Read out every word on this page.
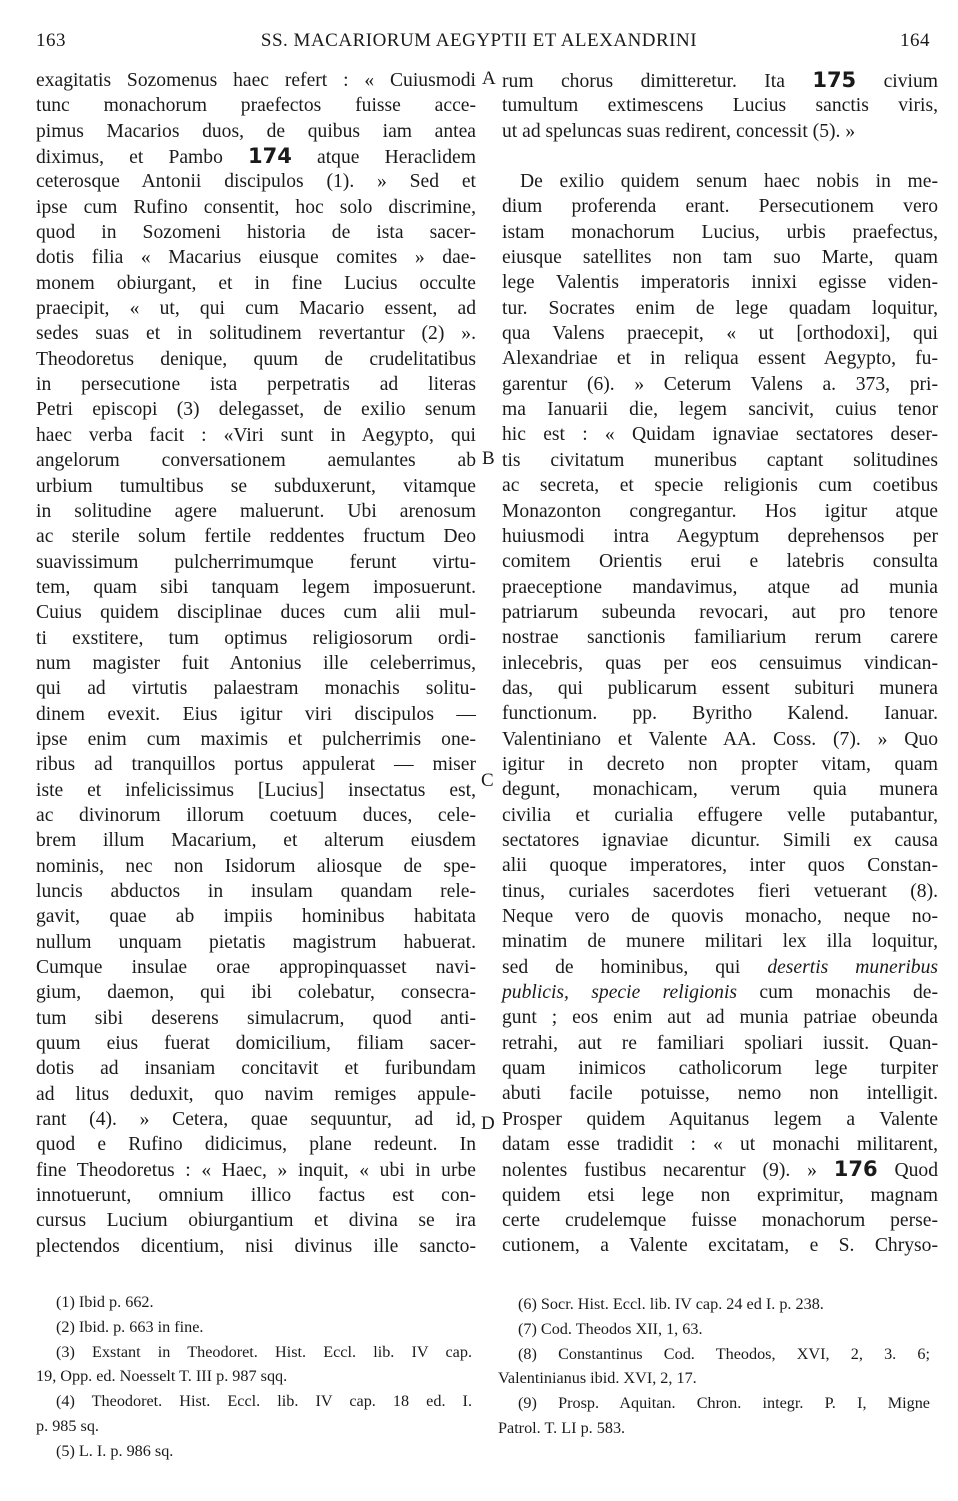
163	SS. MACARIORUM AEGYPTII ET ALEXANDRINI	164
A
B
C
D
exagitatis Sozomenus haec refert : « Cuiusmodi
tunc monachorum praefectos fuisse acce-
pimus Macarios duos, de quibus iam antea
diximus, et Pambo 174 atque Heraclidem
ceterosque Antonii discipulos (1). » Sed et
ipse cum Rufino consentit, hoc solo discrimine,
quod in Sozomeni historia de ista sacer-
dotis filia « Macarius eiusque comites » dae-
monem obiurgant, et in fine Lucius occulte
praecipit, « ut, qui cum Macario essent, ad
sedes suas et in solitudinem revertantur (2) ».
Theodoretus denique, quum de crudelitatibus
in persecutione ista perpetratis ad literas
Petri episcopi (3) delegasset, de exilio senum
haec verba facit : «Viri sunt in Aegypto, qui
angelorum conversationem aemulantes ab
urbium tumultibus se subduxerunt, vitamque
in solitudine agere maluerunt. Ubi arenosum
ac sterile solum fertile reddentes fructum Deo
suavissimum pulcherrimumque ferunt virtu-
tem, quam sibi tanquam legem imposuerunt.
Cuius quidem disciplinae duces cum alii mul-
ti exstitere, tum optimus religiosorum ordi-
num magister fuit Antonius ille celeberrimus,
qui ad virtutis palaestram monachis solitu-
dinem evexit. Eius igitur viri discipulos —
ipse enim cum maximis et pulcherrimis one-
ribus ad tranquillos portus appulerat — miser
iste et infelicissimus [Lucius] insectatus est,
ac divinorum illorum coetuum duces, cele-
brem illum Macarium, et alterum eiusdem
nominis, nec non Isidorum aliosque de spe-
luncis abductos in insulam quandam rele-
gavit, quae ab impiis hominibus habitata
nullum unquam pietatis magistrum habuerat.
Cumque insulae orae appropinquasset navi-
gium, daemon, qui ibi colebatur, consecra-
tum sibi deserens simulacrum, quod anti-
quum eius fuerat domicilium, filiam sacer-
dotis ad insaniam concitavit et furibundam
ad litus deduxit, quo navim remiges appule-
rant (4). » Cetera, quae sequuntur, ad id,
quod e Rufino didicimus, plane redeunt. In
fine Theodoretus : « Haec, » inquit, « ubi in urbe
innotuerunt, omnium illico factus est con-
cursus Lucium obiurgantium et divina se ira
plectendos dicentium, nisi divinus ille sancto-
rum chorus dimitteretur. Ita 175 civium
tumultum extimescens Lucius sanctis viris,
ut ad speluncas suas redirent, concessit (5). »
De exilio quidem senum haec nobis in me-
dium proferenda erant. Persecutionem vero
istam monachorum Lucius, urbis praefectus,
eiusque satellites non tam suo Marte, quam
lege Valentis imperatoris innixi egisse viden-
tur. Socrates enim de lege quadam loquitur,
qua Valens praecepit, « ut [orthodoxi], qui
Alexandriae et in reliqua essent Aegypto, fu-
garentur (6). » Ceterum Valens a. 373, pri-
ma Ianuarii die, legem sancivit, cuius tenor
hic est : « Quidam ignaviae sectatores deser-
tis civitatum muneribus captant solitudines
ac secreta, et specie religionis cum coetibus
Monazonton congregantur. Hos igitur atque
huiusmodi intra Aegyptum deprehensos per
comitem Orientis erui e latebris consulta
praeceptione mandavimus, atque ad munia
patriarum subeunda revocari, aut pro tenore
nostrae sanctionis familiarium rerum carere
inlecebris, quas per eos censuimus vindican-
das, qui publicarum essent subituri munera
functionum. pp. Byritho Kalend. Ianuar.
Valentiniano et Valente AA. Coss. (7). » Quo
igitur in decreto non propter vitam, quam
degunt, monachicam, verum quia munera
civilia et curialia effugere velle putabantur,
sectatores ignaviae dicuntur. Simili ex causa
alii quoque imperatores, inter quos Constan-
tinus, curiales sacerdotes fieri vetuerant (8).
Neque vero de quovis monacho, neque no-
minatim de munere militari lex illa loquitur,
sed de hominibus, qui desertis muneribus
publicis, specie religionis cum monachis de-
gunt ; eos enim aut ad munia patriae obeunda
retrahi, aut re familiari spoliari iussit. Quan-
quam inimicos catholicorum lege turpiter
abuti facile potuisse, nemo non intelligit.
Prosper quidem Aquitanus legem a Valente
datam esse tradidit : « ut monachi militarent,
nolentes fustibus necarentur (9). » 176 Quod
quidem etsi lege non exprimitur, magnam
certe crudelemque fuisse monachorum perse-
cutionem, a Valente excitatam, e S. Chryso-
(1) Ibid p. 662.
(2) Ibid. p. 663 in fine.
(3) Exstant in Theodoret. Hist. Eccl. lib. IV cap.
19, Opp. ed. Noesselt T. III p. 987 sqq.
(4) Theodoret. Hist. Eccl. lib. IV cap. 18 ed. I.
p. 985 sq.
(5) L. I. p. 986 sq.
(6) Socr. Hist. Eccl. lib. IV cap. 24 ed I. p. 238.
(7) Cod. Theodos XII, 1, 63.
(8) Constantinus Cod. Theodos, XVI, 2, 3. 6;
Valentinianus ibid. XVI, 2, 17.
(9) Prosp. Aquitan. Chron. integr. P. I, Migne
Patrol. T. LI p. 583.
